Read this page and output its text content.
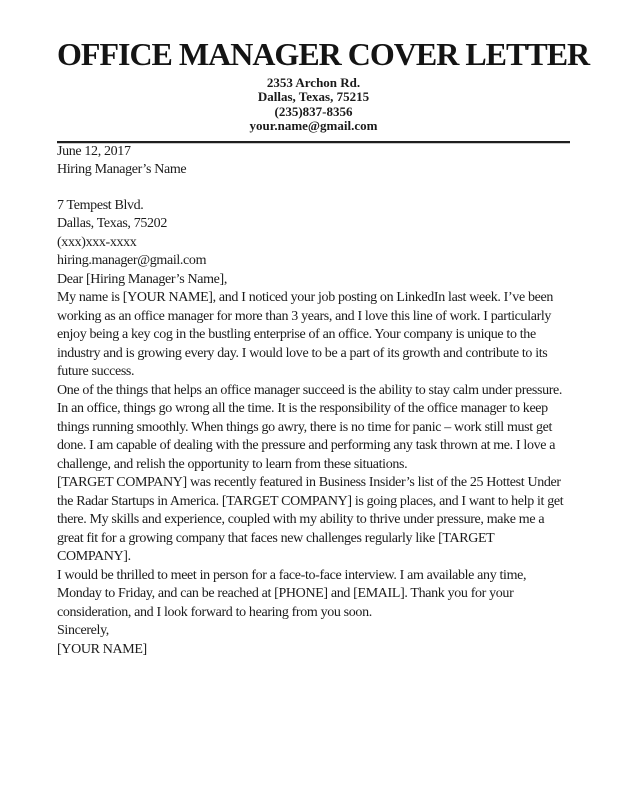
OFFICE MANAGER COVER LETTER
2353 Archon Rd.
Dallas, Texas, 75215
(235)837-8356
your.name@gmail.com

June 12, 2017

Hiring Manager’s Name

7 Tempest Blvd.
Dallas, Texas, 75202
(xxx)xxx-xxxx
hiring.manager@gmail.com

Dear [Hiring Manager’s Name],

My name is [YOUR NAME], and I noticed your job posting on LinkedIn last week. I’ve been working as an office manager for more than 3 years, and I love this line of work. I particularly enjoy being a key cog in the bustling enterprise of an office. Your company is unique to the industry and is growing every day. I would love to be a part of its growth and contribute to its future success.

One of the things that helps an office manager succeed is the ability to stay calm under pressure. In an office, things go wrong all the time. It is the responsibility of the office manager to keep things running smoothly. When things go awry, there is no time for panic – work still must get done. I am capable of dealing with the pressure and performing any task thrown at me. I love a challenge, and relish the opportunity to learn from these situations.

[TARGET COMPANY] was recently featured in Business Insider’s list of the 25 Hottest Under the Radar Startups in America. [TARGET COMPANY] is going places, and I want to help it get there. My skills and experience, coupled with my ability to thrive under pressure, make me a great fit for a growing company that faces new challenges regularly like [TARGET COMPANY].

I would be thrilled to meet in person for a face-to-face interview. I am available any time, Monday to Friday, and can be reached at [PHONE] and [EMAIL]. Thank you for your consideration, and I look forward to hearing from you soon.

Sincerely,

[YOUR NAME]
